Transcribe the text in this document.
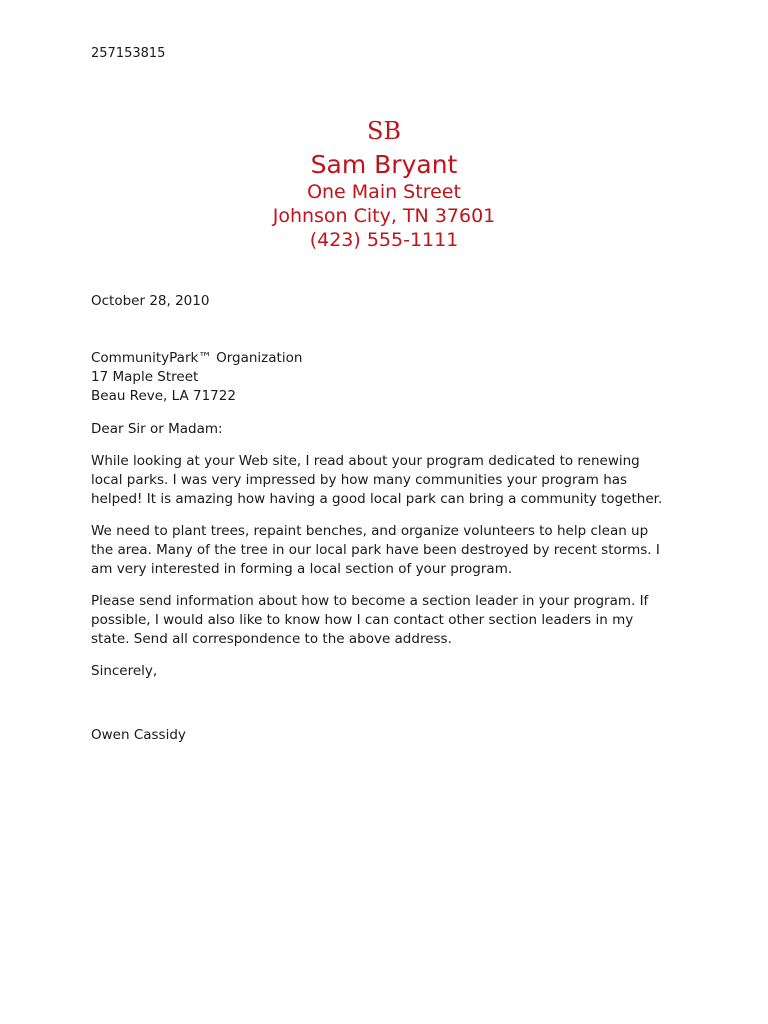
257153815
SB
Sam Bryant
One Main Street
Johnson City, TN 37601
(423) 555-1111
October 28, 2010
CommunityPark™ Organization
17 Maple Street
Beau Reve, LA 71722
Dear Sir or Madam:
While looking at your Web site, I read about your program dedicated to renewing
local parks. I was very impressed by how many communities your program has
helped! It is amazing how having a good local park can bring a community together.
We need to plant trees, repaint benches, and organize volunteers to help clean up
the area. Many of the tree in our local park have been destroyed by recent storms. I
am very interested in forming a local section of your program.
Please send information about how to become a section leader in your program. If
possible, I would also like to know how I can contact other section leaders in my
state. Send all correspondence to the above address.
Sincerely,
Owen Cassidy
